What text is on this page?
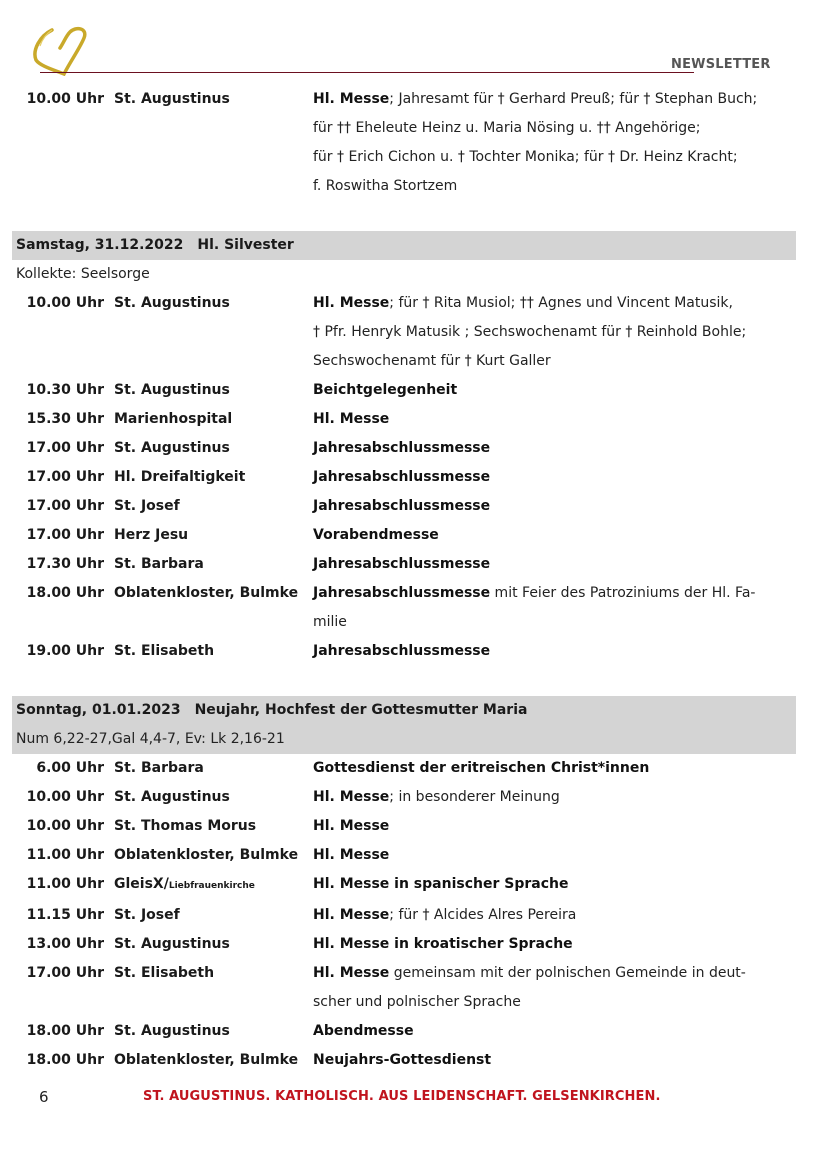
NEWSLETTER
10.00 Uhr St. Augustinus	Hl. Messe; Jahresamt für † Gerhard Preuß; für † Stephan Buch;
für †† Eheleute Heinz u. Maria Nösing u. †† Angehörige;
für † Erich Cichon u. † Tochter Monika; für † Dr. Heinz Kracht;
f. Roswitha Stortzem
Samstag, 31.12.2022 Hl. Silvester
Kollekte: Seelsorge
10.00 Uhr St. Augustinus	Hl. Messe; für † Rita Musiol; †† Agnes und Vincent Matusik,
† Pfr. Henryk Matusik ; Sechswochenamt für † Reinhold Bohle;
Sechswochenamt für † Kurt Galler
10.30 Uhr St. Augustinus	Beichtgelegenheit
15.30 Uhr Marienhospital	Hl. Messe
17.00 Uhr St. Augustinus	Jahresabschlussmesse
17.00 Uhr Hl. Dreifaltigkeit	Jahresabschlussmesse
17.00 Uhr St. Josef	Jahresabschlussmesse
17.00 Uhr Herz Jesu	Vorabendmesse
17.30 Uhr St. Barbara	Jahresabschlussmesse
18.00 Uhr Oblatenkloster, Bulmke	Jahresabschlussmesse mit Feier des Patroziniums der Hl. Fa-
milie
19.00 Uhr St. Elisabeth	Jahresabschlussmesse
Sonntag, 01.01.2023 Neujahr, Hochfest der Gottesmutter Maria
Num 6,22-27,Gal 4,4-7, Ev: Lk 2,16-21
6.00 Uhr St. Barbara	Gottesdienst der eritreischen Christ*innen
10.00 Uhr St. Augustinus	Hl. Messe; in besonderer Meinung
10.00 Uhr St. Thomas Morus	Hl. Messe
11.00 Uhr Oblatenkloster, Bulmke	Hl. Messe
11.00 Uhr GleisX/Liebfrauenkirche	Hl. Messe in spanischer Sprache
11.15 Uhr St. Josef	Hl. Messe; für † Alcides Alres Pereira
13.00 Uhr St. Augustinus	Hl. Messe in kroatischer Sprache
17.00 Uhr St. Elisabeth	Hl. Messe gemeinsam mit der polnischen Gemeinde in deut-
scher und polnischer Sprache
18.00 Uhr St. Augustinus	Abendmesse
18.00 Uhr Oblatenkloster, Bulmke	Neujahrs-Gottesdienst
6	ST. AUGUSTINUS. KATHOLISCH. AUS LEIDENSCHAFT. GELSENKIRCHEN.
